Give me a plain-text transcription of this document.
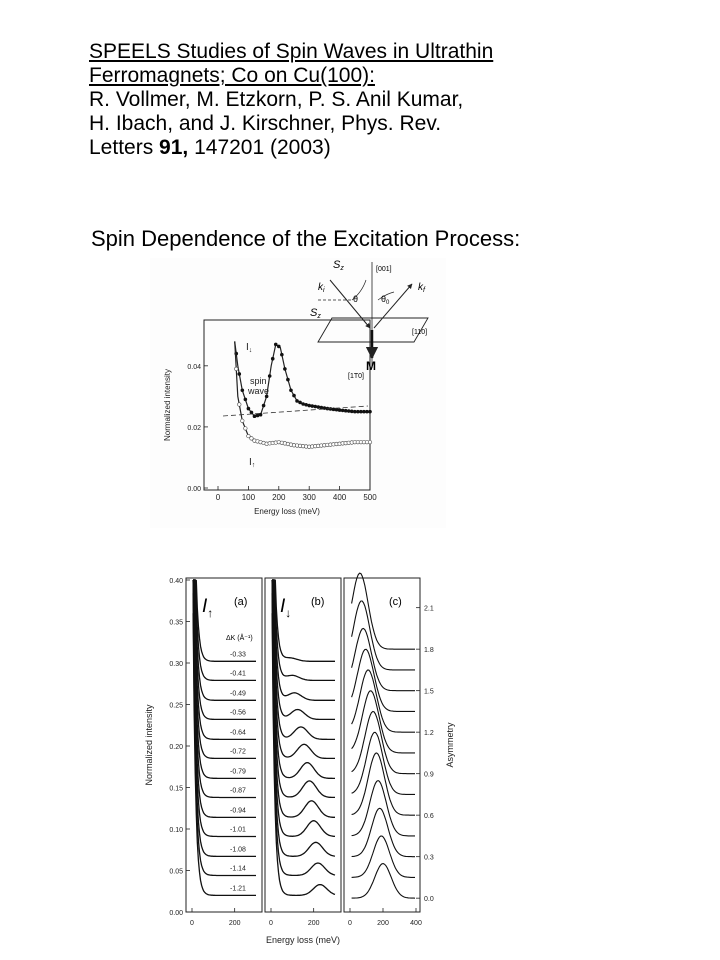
SPEELS Studies of Spin Waves in Ultrathin
Ferromagnets; Co on Cu(100):
R. Vollmer, M. Etzkorn, P. S. Anil Kumar,
H. Ibach, and J. Kirschner, Phys. Rev.
Letters 91, 147201 (2003)
Spin Dependence of the Excitation Process:
0	100 200 300 400 500
0.00
0.02
0.04
Energy loss (meV)
Normalized intensity
$I_↓$
$I_↑$
spin
wave
Sz
$k_i$
Sz
$k_f$
[001]
θ	$\theta_0$
[110]
[1T0]
M
0.00
0.05
0.10
0.15
0.20
0.25
0.30
0.35
0.40
0.0
0.3
0.6
0.9
1.2
1.5
1.8
2.1
0	200	0	200	0	200	400
Energy loss (meV)
Normalized intensity	Asymmetry
-0.33
-0.41
-0.49
-0.56
-0.64
-0.72
-0.79
-0.87
-0.94
-1.01
-1.08
-1.14
-1.21
$I_↑$	$I_↓$
(a)	(b)	(c)
ΔK (Å⁻¹)
